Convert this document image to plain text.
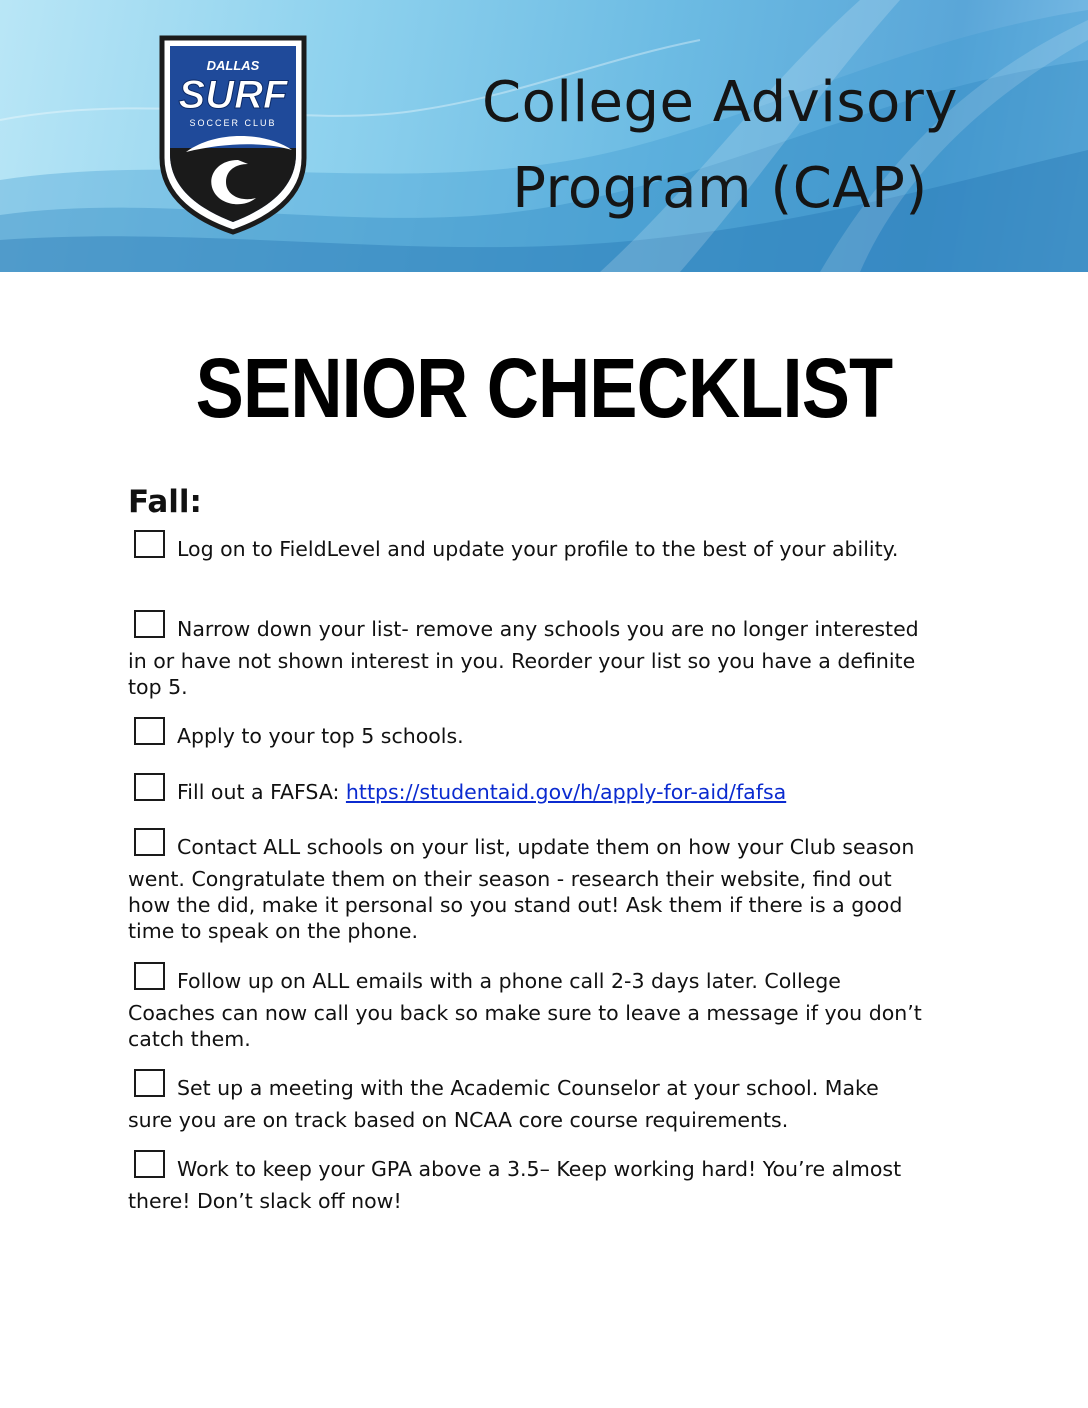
DALLAS
SURF
SOCCER CLUB	College Advisory
Program (CAP)
SENIOR CHECKLIST
Fall:
Log on to FieldLevel and update your profile to the best of your ability.
Narrow down your list- remove any schools you are no longer interested
in or have not shown interest in you. Reorder your list so you have a definite
top 5.
Apply to your top 5 schools.
Fill out a FAFSA: https://studentaid.gov/h/apply-for-aid/fafsa
Contact ALL schools on your list, update them on how your Club season
went. Congratulate them on their season - research their website, find out
how the did, make it personal so you stand out! Ask them if there is a good
time to speak on the phone.
Follow up on ALL emails with a phone call 2-3 days later. College
Coaches can now call you back so make sure to leave a message if you don’t
catch them.
Set up a meeting with the Academic Counselor at your school. Make
sure you are on track based on NCAA core course requirements.
Work to keep your GPA above a 3.5– Keep working hard! You’re almost
there! Don’t slack off now!
